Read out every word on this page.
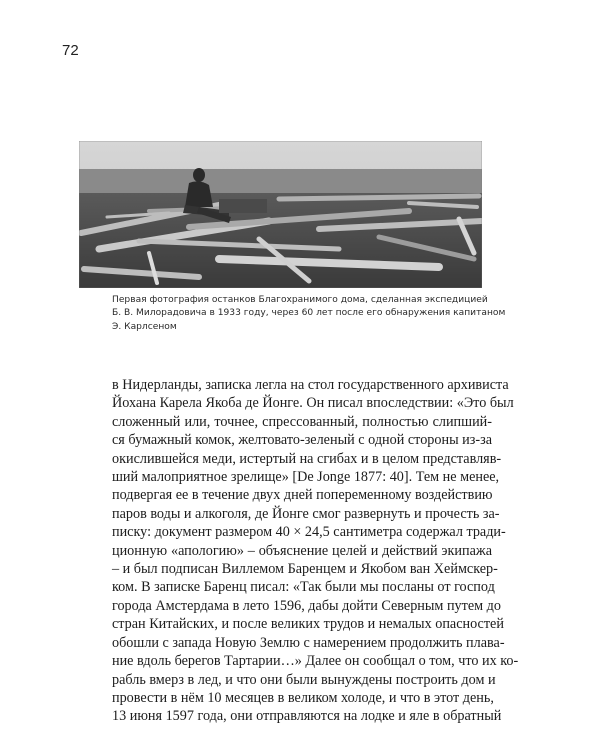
72
Первая фотография останков Благохранимого дома, сделанная экспедицией
Б. В. Милорадовича в 1933 году, через 60 лет после его обнаружения капитаном
Э. Карлсеном
в Нидерланды, записка легла на стол государственного архивиста
Йохана Карела Якоба де Йонге. Он писал впоследствии: «Это был
сложенный или, точнее, спрессованный, полностью слипший-
ся бумажный комок, желтовато-зеленый с одной стороны из-за
окислившейся меди, истертый на сгибах и в целом представляв-
ший малоприятное зрелище» [De Jonge 1877: 40]. Тем не менее,
подвергая ее в течение двух дней попеременному воздействию
паров воды и алкоголя, де Йонге смог развернуть и прочесть за-
писку: документ размером 40 × 24,5 сантиметра содержал тради-
ционную «апологию» – объяснение целей и действий экипажа
– и был подписан Виллемом Баренцем и Якобом ван Хеймскер-
ком. В записке Баренц писал: «Так были мы посланы от господ
города Амстердама в лето 1596, дабы дойти Северным путем до
стран Китайских, и после великих трудов и немалых опасностей
обошли с запада Новую Землю с намерением продолжить плава-
ние вдоль берегов Тартарии…» Далее он сообщал о том, что их ко-
рабль вмерз в лед, и что они были вынуждены построить дом и
провести в нём 10 месяцев в великом холоде, и что в этот день,
13 июня 1597 года, они отправляются на лодке и яле в обратный
